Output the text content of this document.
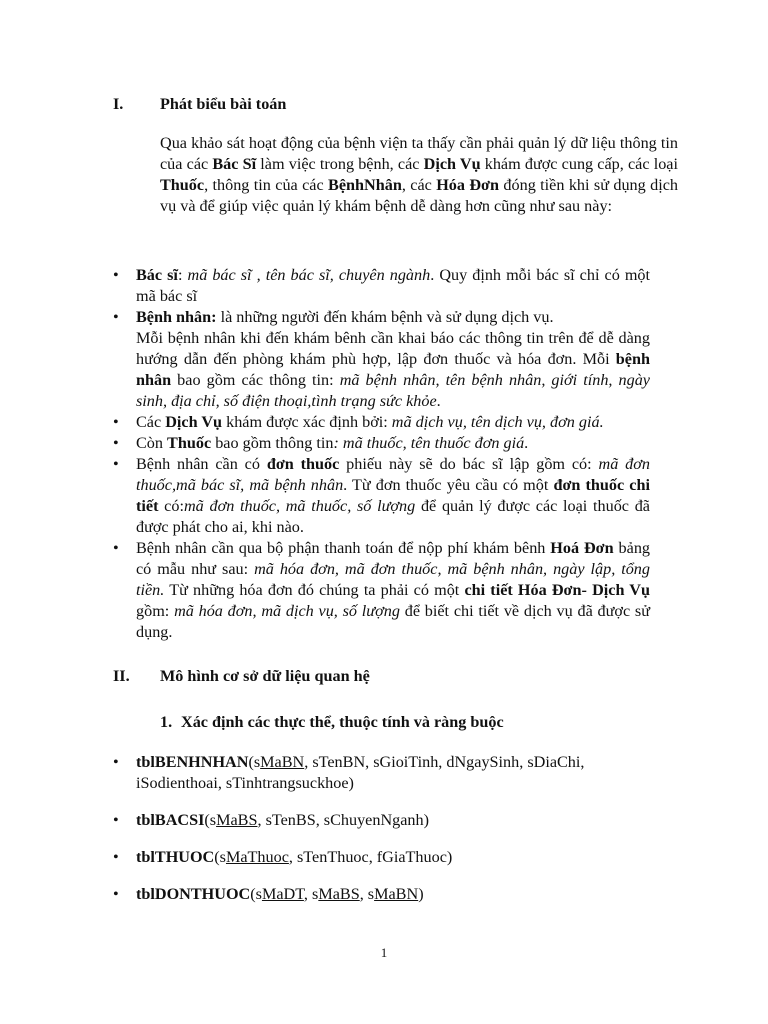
I. Phát biểu bài toán

Qua khảo sát hoạt động của bệnh viện ta thấy cần phải quản lý dữ liệu thông tin của các Bác Sĩ làm việc trong bệnh, các Dịch Vụ khám được cung cấp, các loại Thuốc, thông tin của các BệnhNhân, các Hóa Đơn đóng tiền khi sử dụng dịch vụ và để giúp việc quản lý khám bệnh dễ dàng hơn cũng như sau này:

• Bác sĩ: mã bác sĩ , tên bác sĩ, chuyên ngành. Quy định mỗi bác sĩ chỉ có một mã bác sĩ
• Bệnh nhân: là những người đến khám bệnh và sử dụng dịch vụ.
Mỗi bệnh nhân khi đến khám bênh cần khai báo các thông tin trên để dễ dàng hướng dẫn đến phòng khám phù hợp, lập đơn thuốc và hóa đơn. Mỗi bệnh nhân bao gồm các thông tin: mã bệnh nhân, tên bệnh nhân, giới tính, ngày sinh, địa chỉ, số điện thoại,tình trạng sức khỏe.
• Các Dịch Vụ khám được xác định bởi: mã dịch vụ, tên dịch vụ, đơn giá.
• Còn Thuốc bao gồm thông tin: mã thuốc, tên thuốc đơn giá.
• Bệnh nhân cần có đơn thuốc phiếu này sẽ do bác sĩ lập gồm có: mã đơn thuốc,mã bác sĩ, mã bệnh nhân. Từ đơn thuốc yêu cầu có một đơn thuốc chi tiết có:mã đơn thuốc, mã thuốc, số lượng để quản lý được các loại thuốc đã được phát cho ai, khi nào.
• Bệnh nhân cần qua bộ phận thanh toán để nộp phí khám bênh Hoá Đơn bảng có mẫu như sau: mã hóa đơn, mã đơn thuốc, mã bệnh nhân, ngày lập, tổng tiền. Từ những hóa đơn đó chúng ta phải có một chi tiết Hóa Đơn- Dịch Vụ gồm: mã hóa đơn, mã dịch vụ, số lượng để biết chi tiết về dịch vụ đã được sử dụng.
II. Mô hình cơ sở dữ liệu quan hệ
1. Xác định các thực thể, thuộc tính và ràng buộc
• tblBENHNHAN(sMaBN, sTenBN, sGioiTinh, dNgaySinh, sDiaChi, iSodienthoai, sTinhtrangsuckhoe)
• tblBACSI(sMaBS, sTenBS, sChuyenNganh)
• tblTHUOC(sMaThuoc, sTenThuoc, fGiaThuoc)
• tblDONTHUOC(sMaDT, sMaBS, sMaBN)
1
